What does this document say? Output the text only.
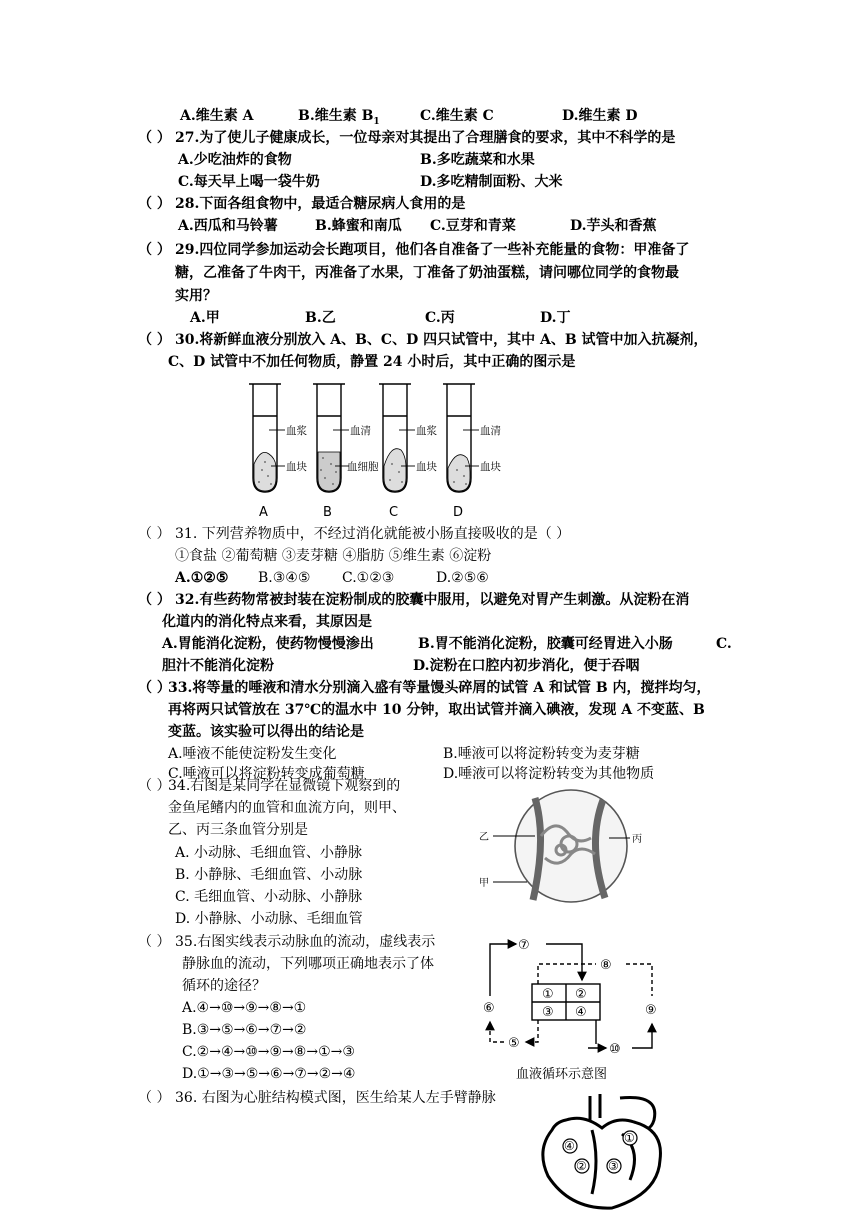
A.维生素 A	B.维生素 $B_1$	C.维生素 C	D.维生素 D
（ ） 27.为了使儿子健康成长，一位母亲对其提出了合理膳食的要求，其中不科学的是
A.少吃油炸的食物	B.多吃蔬菜和水果
C.每天早上喝一袋牛奶	D.多吃精制面粉、大米
（ ） 28.下面各组食物中，最适合糖尿病人食用的是
A.西瓜和马铃薯	B.蜂蜜和南瓜 C.豆芽和青菜	D.芋头和香蕉
（ ） 29.四位同学参加运动会长跑项目，他们各自准备了一些补充能量的食物：甲准备了
糖，乙准备了牛肉干，丙准备了水果，丁准备了奶油蛋糕，请问哪位同学的食物最
实用？
A.甲	B.乙	C.丙	D.丁
（ ） 30.将新鲜血液分别放入 A、B、C、D 四只试管中，其中 A、B 试管中加入抗凝剂，
C、D 试管中不加任何物质，静置 24 小时后，其中正确的图示是
血浆
血块
血清
血细胞
血浆
血块
血清
血块
A	B	C	D
（ ） 31. 下列营养物质中，不经过消化就能被小肠直接吸收的是（ ）
①食盐 ②葡萄糖 ③麦芽糖 ④脂肪 ⑤维生素 ⑥淀粉
A.①②⑤ B.③④⑤ C.①②③	D.②⑤⑥
（ ） 32.有些药物常被封装在淀粉制成的胶囊中服用，以避免对胃产生刺激。从淀粉在消
化道内的消化特点来看，其原因是
A.胃能消化淀粉，使药物慢慢渗出	B.胃不能消化淀粉，胶囊可经胃进入小肠	C.
胆汁不能消化淀粉	D.淀粉在口腔内初步消化，便于吞咽
（ ）
33.将等量的唾液和清水分别滴入盛有等量馒头碎屑的试管 A 和试管 B 内，搅拌均匀，
再将两只试管放在 37℃的温水中 10 分钟，取出试管并滴入碘液，发现 A 不变蓝、B
变蓝。该实验可以得出的结论是
A.唾液不能使淀粉发生变化	B.唾液可以将淀粉转变为麦芽糖
C.唾液可以将淀粉转变成葡萄糖	D.唾液可以将淀粉转变为其他物质
（ ）
34.右图是某同学在显微镜下观察到的
金鱼尾鳍内的血管和血流方向，则甲、
乙、丙三条血管分别是
A. 小动脉、毛细血管、小静脉
B. 小静脉、毛细血管、小动脉
C. 毛细血管、小动脉、小静脉
D. 小静脉、小动脉、毛细血管
乙	丙
甲
（ ） 35.右图实线表示动脉血的流动，虚线表示
静脉血的流动，下列哪项正确地表示了体
循环的途径？
A.④→⑩→⑨→⑧→①
B.③→⑤→⑥→⑦→②
C.②→④→⑩→⑨→⑧→①→③
D.①→③→⑤→⑥→⑦→②→④
⑦
⑧
⑥	⑨
① ②
③ ④
⑤	⑩
血液循环示意图
（ ） 36. 右图为心脏结构模式图，医生给某人左手臂静脉
④
①
② ③
